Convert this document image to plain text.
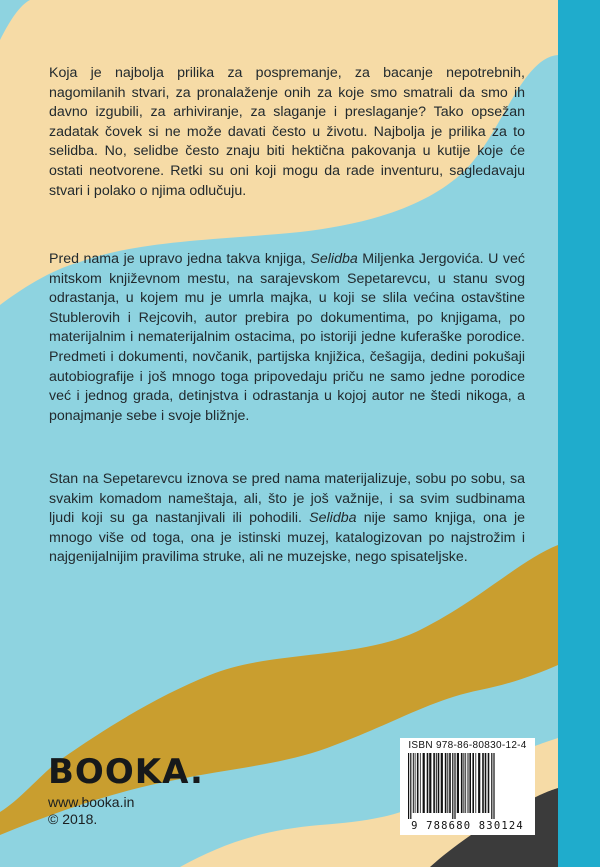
Koja je najbolja prilika za pospremanje, za bacanje nepotrebnih, nagomilanih stvari, za pronalaženje onih za koje smo smatrali da smo ih davno izgubili, za arhiviranje, za slaganje i preslaganje? Tako opsežan zadatak čovek si ne može davati često u životu. Najbolja je prilika za to selidba. No, selidbe često znaju biti hektična pakovanja u kutije koje će ostati neotvorene. Retki su oni koji mogu da rade inventuru, sagledavaju stvari i polako o njima odlučuju.

Pred nama je upravo jedna takva knjiga, Selidba Miljenka Jergovića. U već mitskom književnom mestu, na sarajevskom Sepetarevcu, u stanu svog odrastanja, u kojem mu je umrla majka, u koji se slila većina ostavštine Stublerovih i Rejcovih, autor prebira po dokumentima, po knjigama, po materijalnim i nematerijalnim ostacima, po istoriji jedne kuferaške porodice. Predmeti i dokumenti, novčanik, partijska knjižica, češagija, dedini pokušaji autobiografije i još mnogo toga pripovedaju priču ne samo jedne porodice već i jednog grada, detinjstva i odrastanja u kojoj autor ne štedi nikoga, a ponajmanje sebe i svoje bližnje.

Stan na Sepetarevcu iznova se pred nama materijalizuje, sobu po sobu, sa svakim komadom nameštaja, ali, što je još važnije, i sa svim sudbinama ljudi koji su ga nastanjivali ili pohodili. Selidba nije samo knjiga, ona je mnogo više od toga, ona je istinski muzej, katalogizovan po najstrožim i najgenijalnijim pravilima struke, ali ne muzejske, nego spisateljske.

BOOKA.
www.booka.in
© 2018.
ISBN 978-86-80830-12-4
9 788680 830124
